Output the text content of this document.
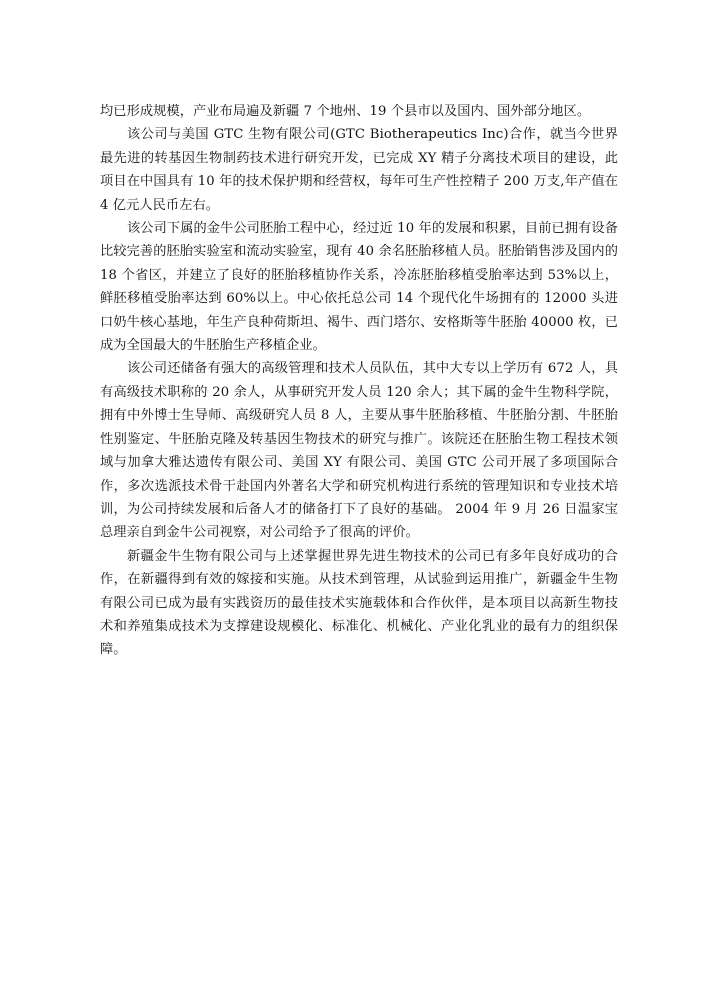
均已形成规模，产业布局遍及新疆 7 个地州、19 个县市以及国内、国外部分地区。

该公司与美国 GTC 生物有限公司(GTC Biotherapeutics Inc)合作，就当今世界最先进的转基因生物制药技术进行研究开发，已完成 XY 精子分离技术项目的建设，此项目在中国具有 10 年的技术保护期和经营权，每年可生产性控精子 200 万支,年产值在 4 亿元人民币左右。

该公司下属的金牛公司胚胎工程中心，经过近 10 年的发展和积累，目前已拥有设备比较完善的胚胎实验室和流动实验室，现有 40 余名胚胎移植人员。胚胎销售涉及国内的 18 个省区，并建立了良好的胚胎移植协作关系，冷冻胚胎移植受胎率达到 53%以上，鲜胚移植受胎率达到 60%以上。中心依托总公司 14 个现代化牛场拥有的 12000 头进口奶牛核心基地，年生产良种荷斯坦、褐牛、西门塔尔、安格斯等牛胚胎 40000 枚，已成为全国最大的牛胚胎生产移植企业。

该公司还储备有强大的高级管理和技术人员队伍，其中大专以上学历有 672 人，具有高级技术职称的 20 余人，从事研究开发人员 120 余人；其下属的金牛生物科学院，拥有中外博士生导师、高级研究人员 8 人，主要从事牛胚胎移植、牛胚胎分割、牛胚胎性别鉴定、牛胚胎克隆及转基因生物技术的研究与推广。该院还在胚胎生物工程技术领域与加拿大雅达遗传有限公司、美国 XY 有限公司、美国 GTC 公司开展了多项国际合作，多次选派技术骨干赴国内外著名大学和研究机构进行系统的管理知识和专业技术培训，为公司持续发展和后备人才的储备打下了良好的基础。 2004 年 9 月 26 日温家宝总理亲自到金牛公司视察，对公司给予了很高的评价。

新疆金牛生物有限公司与上述掌握世界先进生物技术的公司已有多年良好成功的合作，在新疆得到有效的嫁接和实施。从技术到管理，从试验到运用推广，新疆金牛生物有限公司已成为最有实践资历的最佳技术实施载体和合作伙伴，是本项目以高新生物技术和养殖集成技术为支撑建设规模化、标准化、机械化、产业化乳业的最有力的组织保障。
